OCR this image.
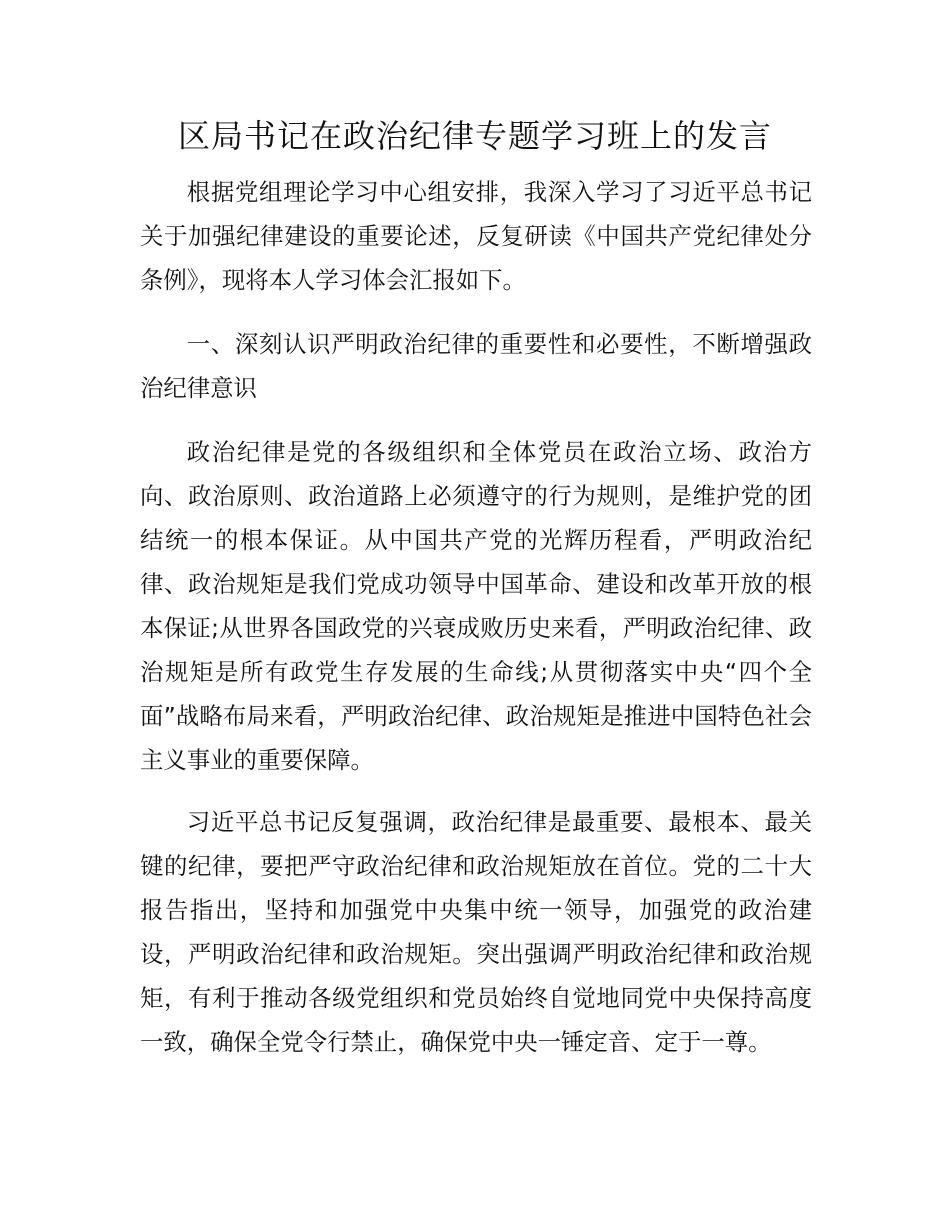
区局书记在政治纪律专题学习班上的发言

根据党组理论学习中心组安排，我深入学习了习近平总书记关于加强纪律建设的重要论述，反复研读《中国共产党纪律处分条例》，现将本人学习体会汇报如下。

一、深刻认识严明政治纪律的重要性和必要性，不断增强政治纪律意识

政治纪律是党的各级组织和全体党员在政治立场、政治方向、政治原则、政治道路上必须遵守的行为规则，是维护党的团结统一的根本保证。从中国共产党的光辉历程看，严明政治纪律、政治规矩是我们党成功领导中国革命、建设和改革开放的根本保证;从世界各国政党的兴衰成败历史来看，严明政治纪律、政治规矩是所有政党生存发展的生命线;从贯彻落实中央“四个全面”战略布局来看，严明政治纪律、政治规矩是推进中国特色社会主义事业的重要保障。

习近平总书记反复强调，政治纪律是最重要、最根本、最关键的纪律，要把严守政治纪律和政治规矩放在首位。党的二十大报告指出，坚持和加强党中央集中统一领导，加强党的政治建设，严明政治纪律和政治规矩。突出强调严明政治纪律和政治规矩，有利于推动各级党组织和党员始终自觉地同党中央保持高度一致，确保全党令行禁止，确保党中央一锤定音、定于一尊。
